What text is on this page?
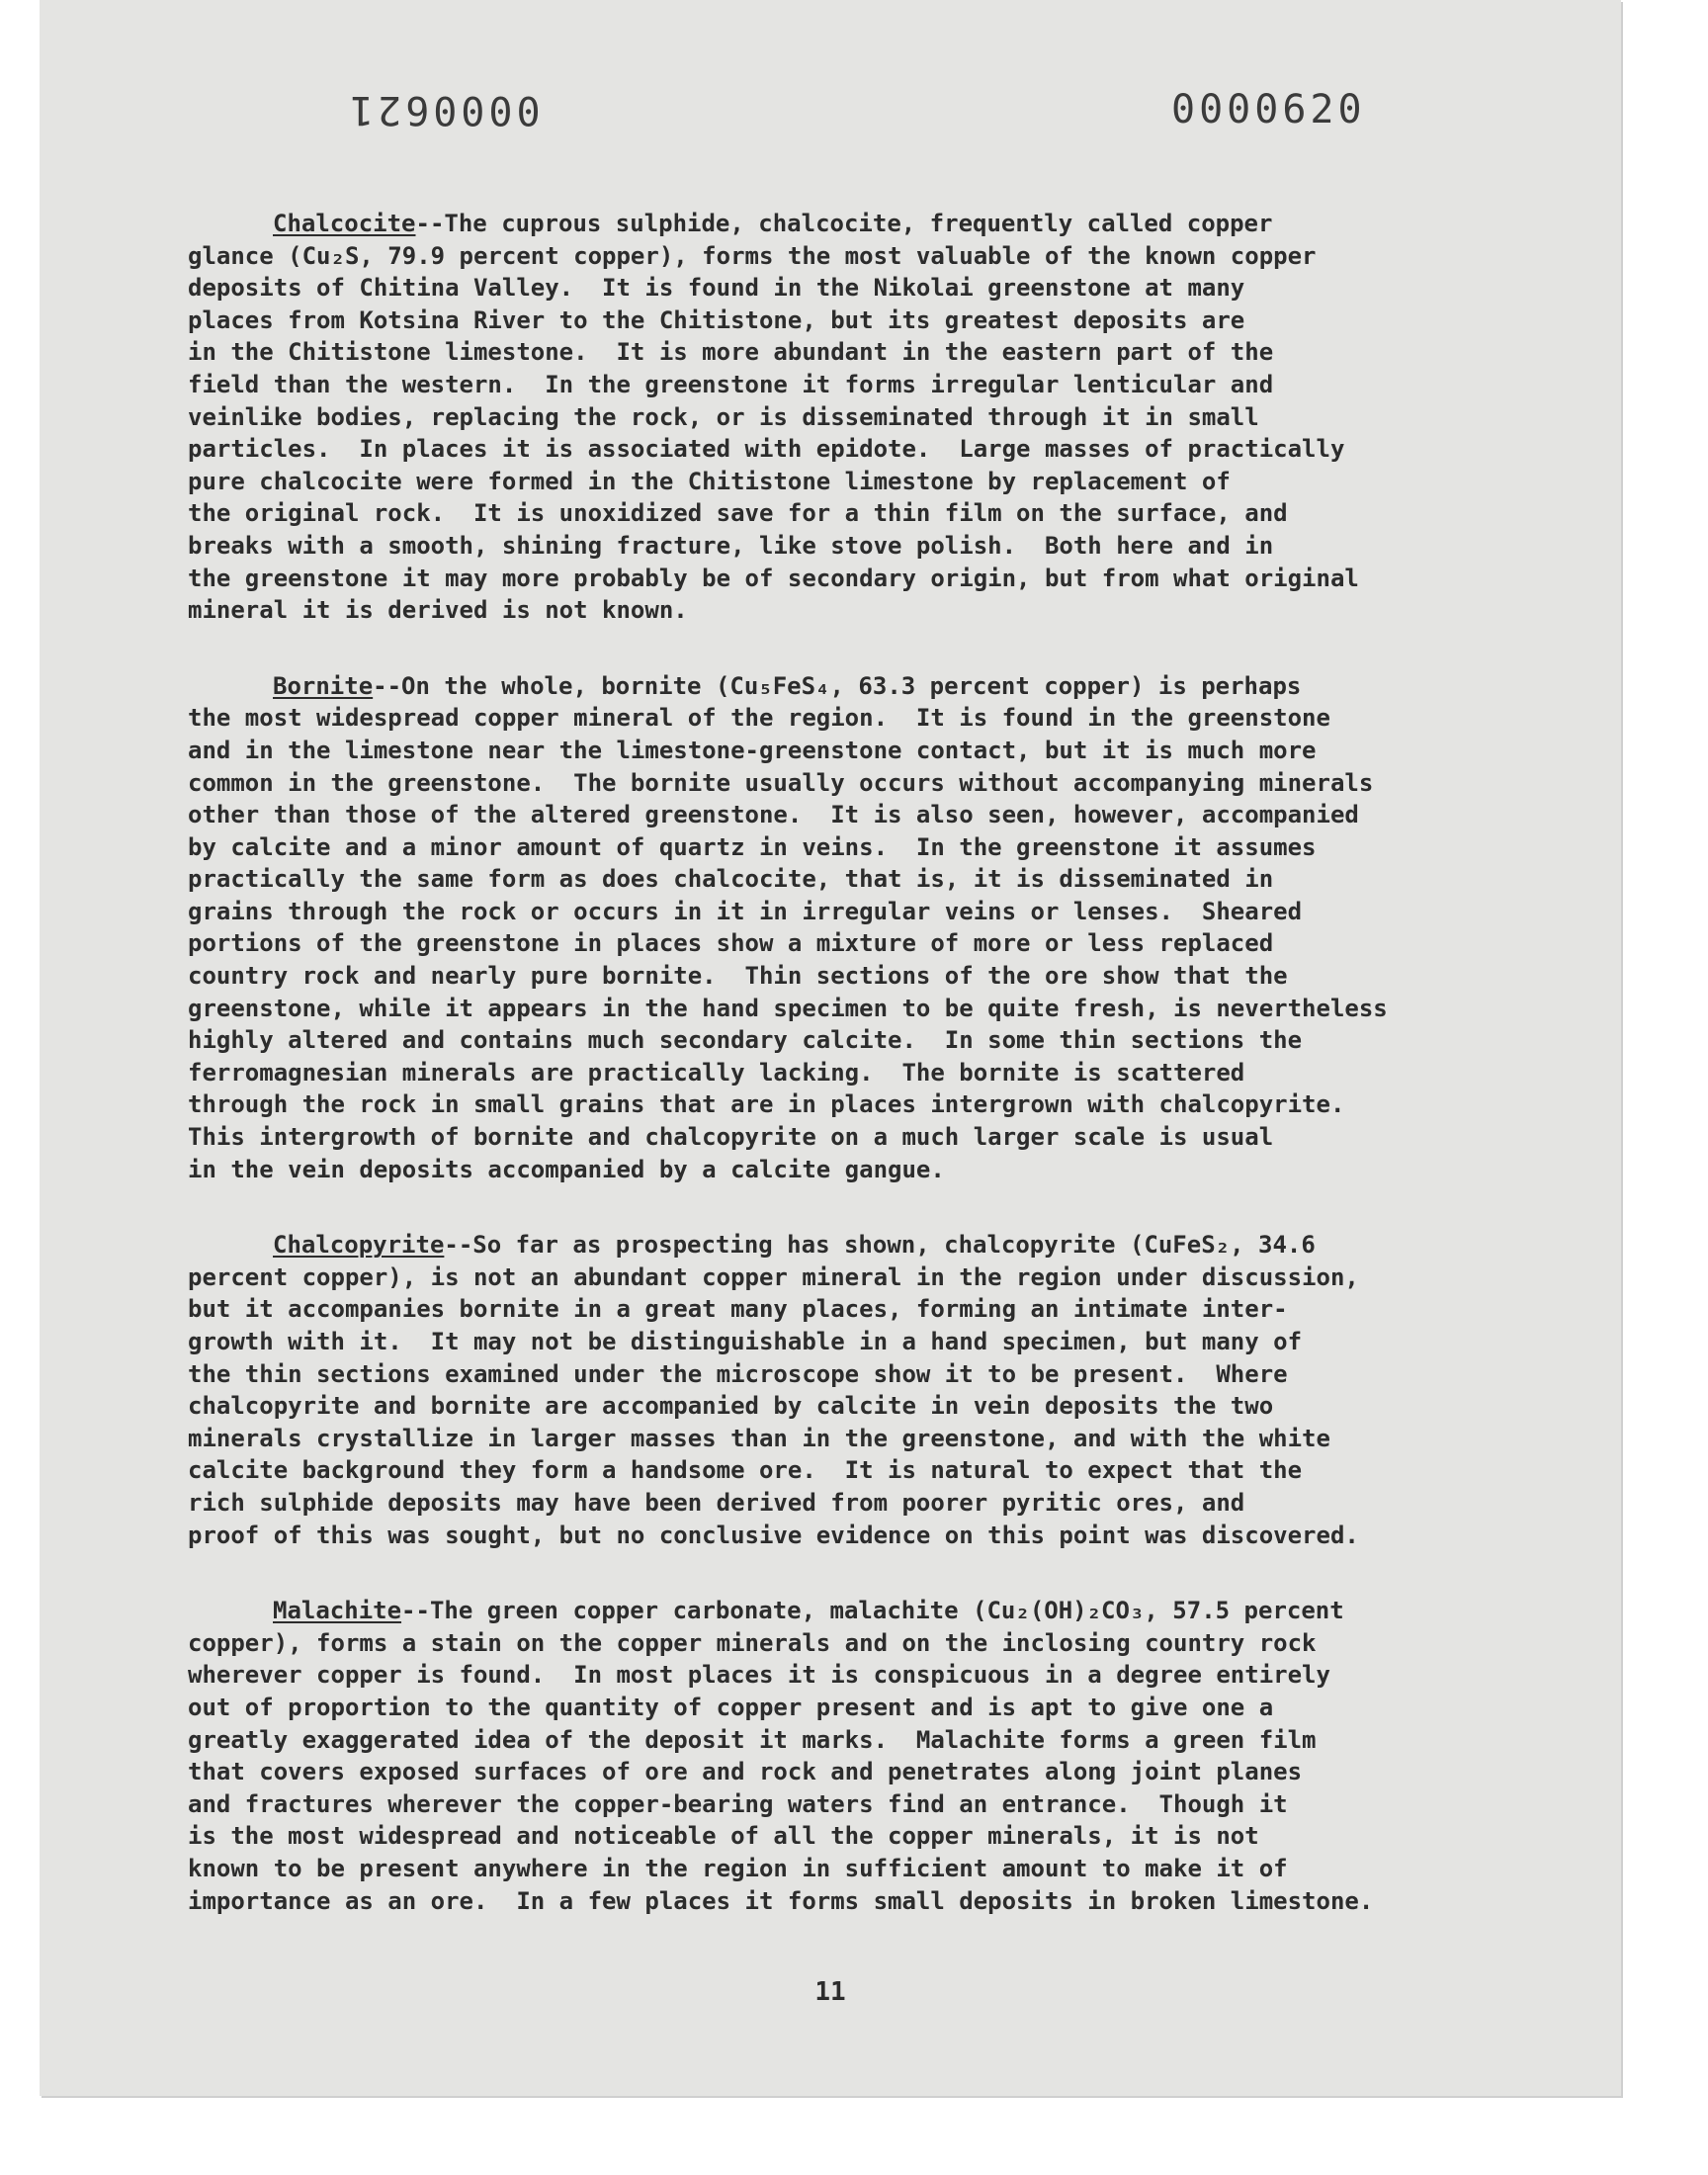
0000621	0000620
Chalcocite--The cuprous sulphide, chalcocite, frequently called copper
glance (Cu₂S, 79.9 percent copper), forms the most valuable of the known copper
deposits of Chitina Valley.  It is found in the Nikolai greenstone at many
places from Kotsina River to the Chitistone, but its greatest deposits are
in the Chitistone limestone.  It is more abundant in the eastern part of the
field than the western.  In the greenstone it forms irregular lenticular and
veinlike bodies, replacing the rock, or is disseminated through it in small
particles.  In places it is associated with epidote.  Large masses of practically
pure chalcocite were formed in the Chitistone limestone by replacement of
the original rock.  It is unoxidized save for a thin film on the surface, and
breaks with a smooth, shining fracture, like stove polish.  Both here and in
the greenstone it may more probably be of secondary origin, but from what original
mineral it is derived is not known.
Bornite--On the whole, bornite (Cu₅FeS₄, 63.3 percent copper) is perhaps
the most widespread copper mineral of the region.  It is found in the greenstone
and in the limestone near the limestone-greenstone contact, but it is much more
common in the greenstone.  The bornite usually occurs without accompanying minerals
other than those of the altered greenstone.  It is also seen, however, accompanied
by calcite and a minor amount of quartz in veins.  In the greenstone it assumes
practically the same form as does chalcocite, that is, it is disseminated in
grains through the rock or occurs in it in irregular veins or lenses.  Sheared
portions of the greenstone in places show a mixture of more or less replaced
country rock and nearly pure bornite.  Thin sections of the ore show that the
greenstone, while it appears in the hand specimen to be quite fresh, is nevertheless
highly altered and contains much secondary calcite.  In some thin sections the
ferromagnesian minerals are practically lacking.  The bornite is scattered
through the rock in small grains that are in places intergrown with chalcopyrite.
This intergrowth of bornite and chalcopyrite on a much larger scale is usual
in the vein deposits accompanied by a calcite gangue.
Chalcopyrite--So far as prospecting has shown, chalcopyrite (CuFeS₂, 34.6
percent copper), is not an abundant copper mineral in the region under discussion,
but it accompanies bornite in a great many places, forming an intimate inter-
growth with it.  It may not be distinguishable in a hand specimen, but many of
the thin sections examined under the microscope show it to be present.  Where
chalcopyrite and bornite are accompanied by calcite in vein deposits the two
minerals crystallize in larger masses than in the greenstone, and with the white
calcite background they form a handsome ore.  It is natural to expect that the
rich sulphide deposits may have been derived from poorer pyritic ores, and
proof of this was sought, but no conclusive evidence on this point was discovered.
Malachite--The green copper carbonate, malachite (Cu₂(OH)₂CO₃, 57.5 percent
copper), forms a stain on the copper minerals and on the inclosing country rock
wherever copper is found.  In most places it is conspicuous in a degree entirely
out of proportion to the quantity of copper present and is apt to give one a
greatly exaggerated idea of the deposit it marks.  Malachite forms a green film
that covers exposed surfaces of ore and rock and penetrates along joint planes
and fractures wherever the copper-bearing waters find an entrance.  Though it
is the most widespread and noticeable of all the copper minerals, it is not
known to be present anywhere in the region in sufficient amount to make it of
importance as an ore.  In a few places it forms small deposits in broken limestone.
11
